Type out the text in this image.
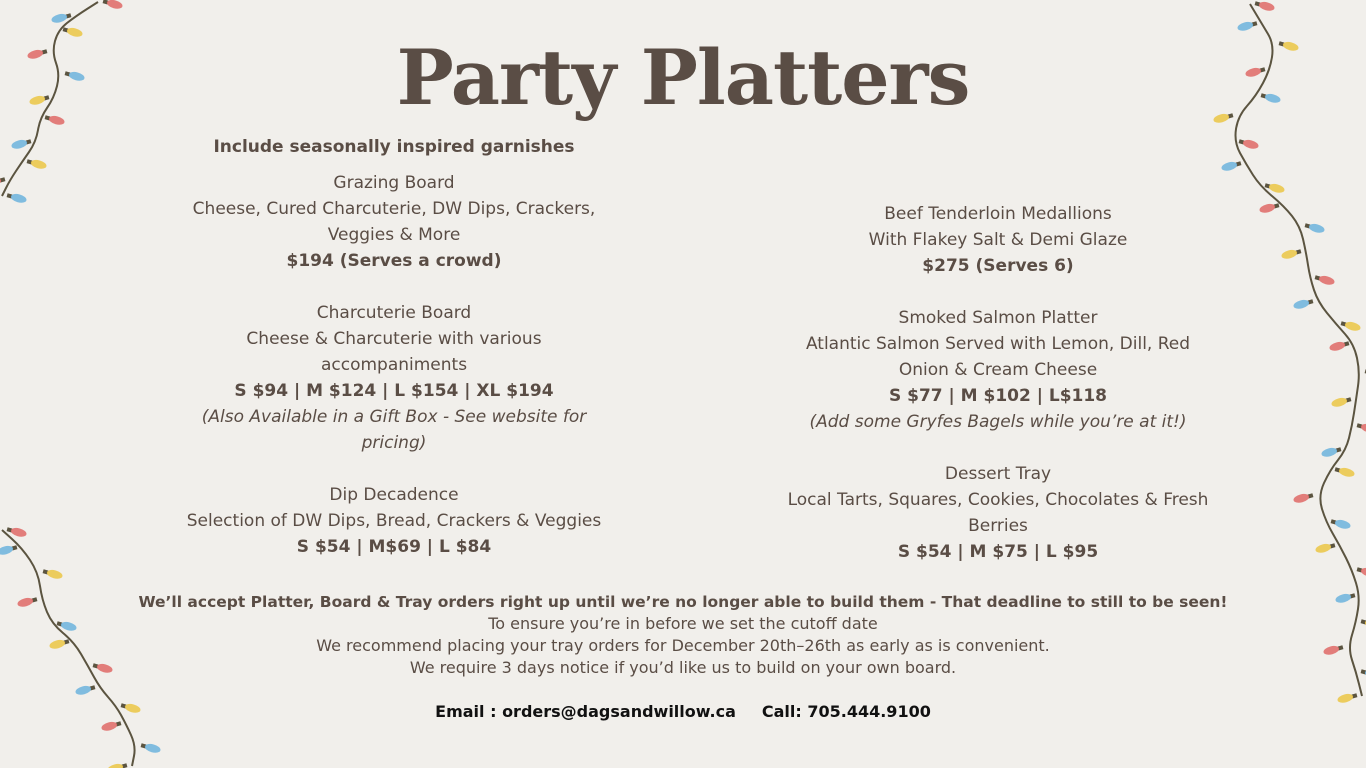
Party Platters
Include seasonally inspired garnishes
Grazing Board
Cheese, Cured Charcuterie, DW Dips, Crackers, Veggies & More
$194 (Serves a crowd)
Charcuterie Board
Cheese & Charcuterie with various accompaniments
S $94 | M $124 | L $154 | XL $194
(Also Available in a Gift Box - See website for pricing)
Dip Decadence
Selection of DW Dips, Bread, Crackers & Veggies
S $54 | M$69 | L $84
Beef Tenderloin Medallions
With Flakey Salt & Demi Glaze
$275 (Serves 6)
Smoked Salmon Platter
Atlantic Salmon Served with Lemon, Dill, Red Onion & Cream Cheese
S $77 | M $102 | L$118
(Add some Gryfes Bagels while you’re at it!)
Dessert Tray
Local Tarts, Squares, Cookies, Chocolates & Fresh Berries
S $54 | M $75 | L $95
We’ll accept Platter, Board & Tray orders right up until we’re no longer able to build them - That deadline to still to be seen!
To ensure you’re in before we set the cutoff date
We recommend placing your tray orders for December 20th–26th as early as is convenient.
We require 3 days notice if you’d like us to build on your own board.
Email : orders@dagsandwillow.ca Call: 705.444.9100
